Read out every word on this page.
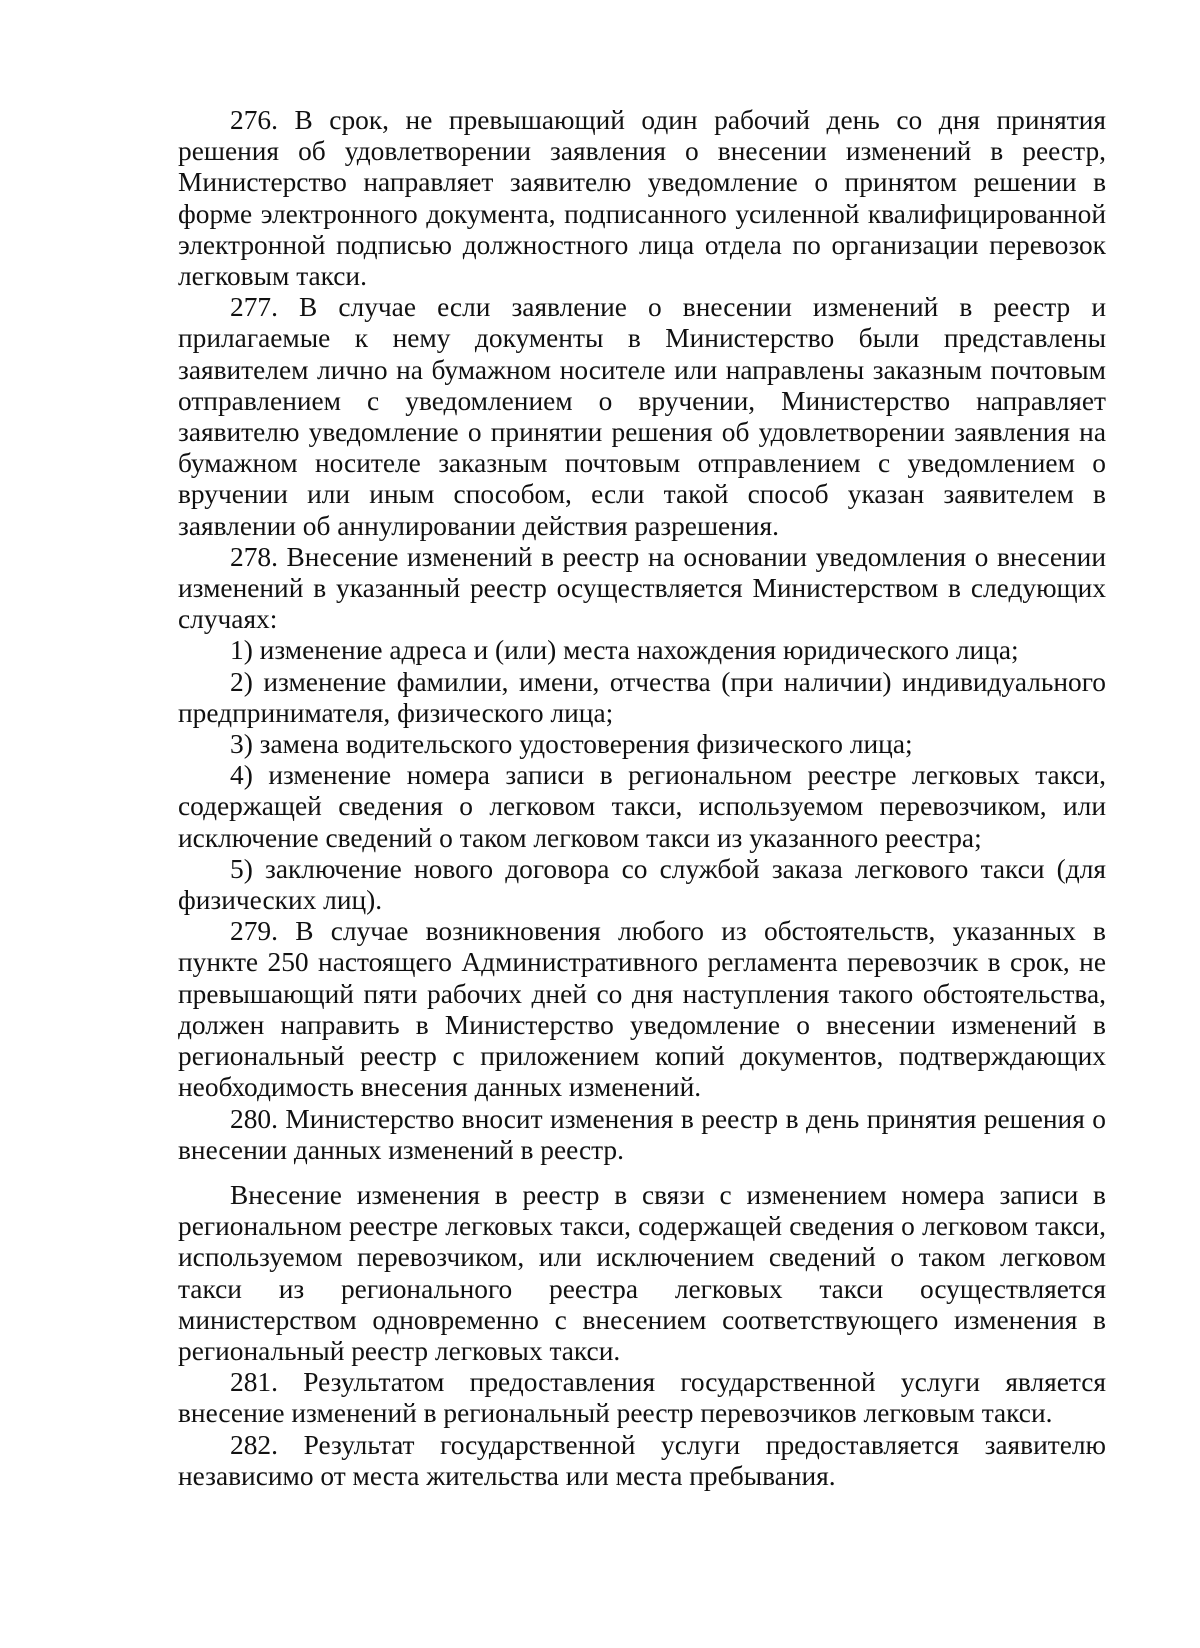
276. В срок, не превышающий один рабочий день со дня принятия решения об удовлетворении заявления о внесении изменений в реестр, Министерство направляет заявителю уведомление о принятом решении в форме электронного документа, подписанного усиленной квалифицированной электронной подписью должностного лица отдела по организации перевозок легковым такси.

277. В случае если заявление о внесении изменений в реестр и прилагаемые к нему документы в Министерство были представлены заявителем лично на бумажном носителе или направлены заказным почтовым отправлением с уведомлением о вручении, Министерство направляет заявителю уведомление о принятии решения об удовлетворении заявления на бумажном носителе заказным почтовым отправлением с уведомлением о вручении или иным способом, если такой способ указан заявителем в заявлении об аннулировании действия разрешения.

278. Внесение изменений в реестр на основании уведомления о внесении изменений в указанный реестр осуществляется Министерством в следующих случаях:

1) изменение адреса и (или) места нахождения юридического лица;

2) изменение фамилии, имени, отчества (при наличии) индивидуального предпринимателя, физического лица;

3) замена водительского удостоверения физического лица;

4) изменение номера записи в региональном реестре легковых такси, содержащей сведения о легковом такси, используемом перевозчиком, или исключение сведений о таком легковом такси из указанного реестра;

5) заключение нового договора со службой заказа легкового такси (для физических лиц).

279. В случае возникновения любого из обстоятельств, указанных в пункте 250 настоящего Административного регламента перевозчик в срок, не превышающий пяти рабочих дней со дня наступления такого обстоятельства, должен направить в Министерство уведомление о внесении изменений в региональный реестр с приложением копий документов, подтверждающих необходимость внесения данных изменений.

280. Министерство вносит изменения в реестр в день принятия решения о внесении данных изменений в реестр.

Внесение изменения в реестр в связи с изменением номера записи в региональном реестре легковых такси, содержащей сведения о легковом такси, используемом перевозчиком, или исключением сведений о таком легковом такси из регионального реестра легковых такси осуществляется министерством одновременно с внесением соответствующего изменения в региональный реестр легковых такси.

281. Результатом предоставления государственной услуги является внесение изменений в региональный реестр перевозчиков легковым такси.

282. Результат государственной услуги предоставляется заявителю независимо от места жительства или места пребывания.
